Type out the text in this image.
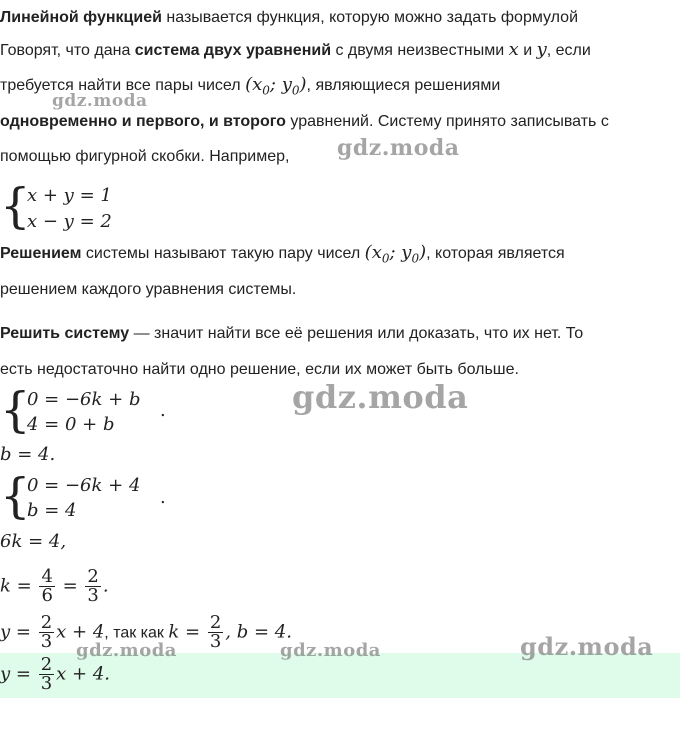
Линейной функцией называется функция, которую можно задать формулой
Говорят, что дана система двух уравнений с двумя неизвестными x и y, если
требуется найти все пары чисел ($x_0$; $y_0$), являющиеся решениями
одновременно и первого, и второго уравнений. Систему принято записывать с
помощью фигурной скобки. Например,
{
x + y = 1
x − y = 2
Решением системы называют такую пару чисел ($x_0$; $y_0$), которая является
решением каждого уравнения системы.
Решить систему — значит найти все её решения или доказать, что их нет. То
есть недостаточно найти одно решение, если их может быть больше.
{
0 = −6k + b
4 = 0 + b
.
b = 4.
{
0 = −6k + 4
b = 4
.
6k = 4,
$k = \frac{4}{6} = \frac{2}{3}$ .
$y = \frac{2}{3}$ x + 4, так как $k = \frac{2}{3}$ , b = 4.
$y = \frac{2}{3}$ x + 4.
gdz.moda
gdz.moda
gdz.moda
gdz.moda	gdz.moda	gdz.moda
